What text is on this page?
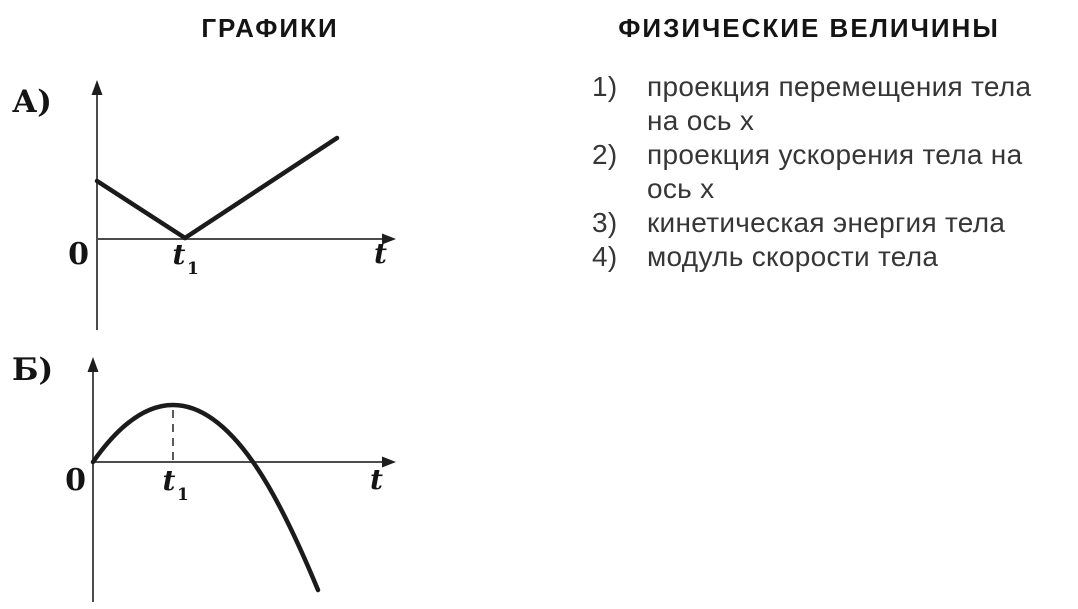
ГРАФИКИ	ФИЗИЧЕСКИЕ ВЕЛИЧИНЫ
А)
0	t 1	t
Б)
0	t 1	t
1)	проекция перемещения тела
на ось х
2)	проекция ускорения тела на
ось х
3)	кинетическая энергия тела
4)	модуль скорости тела
